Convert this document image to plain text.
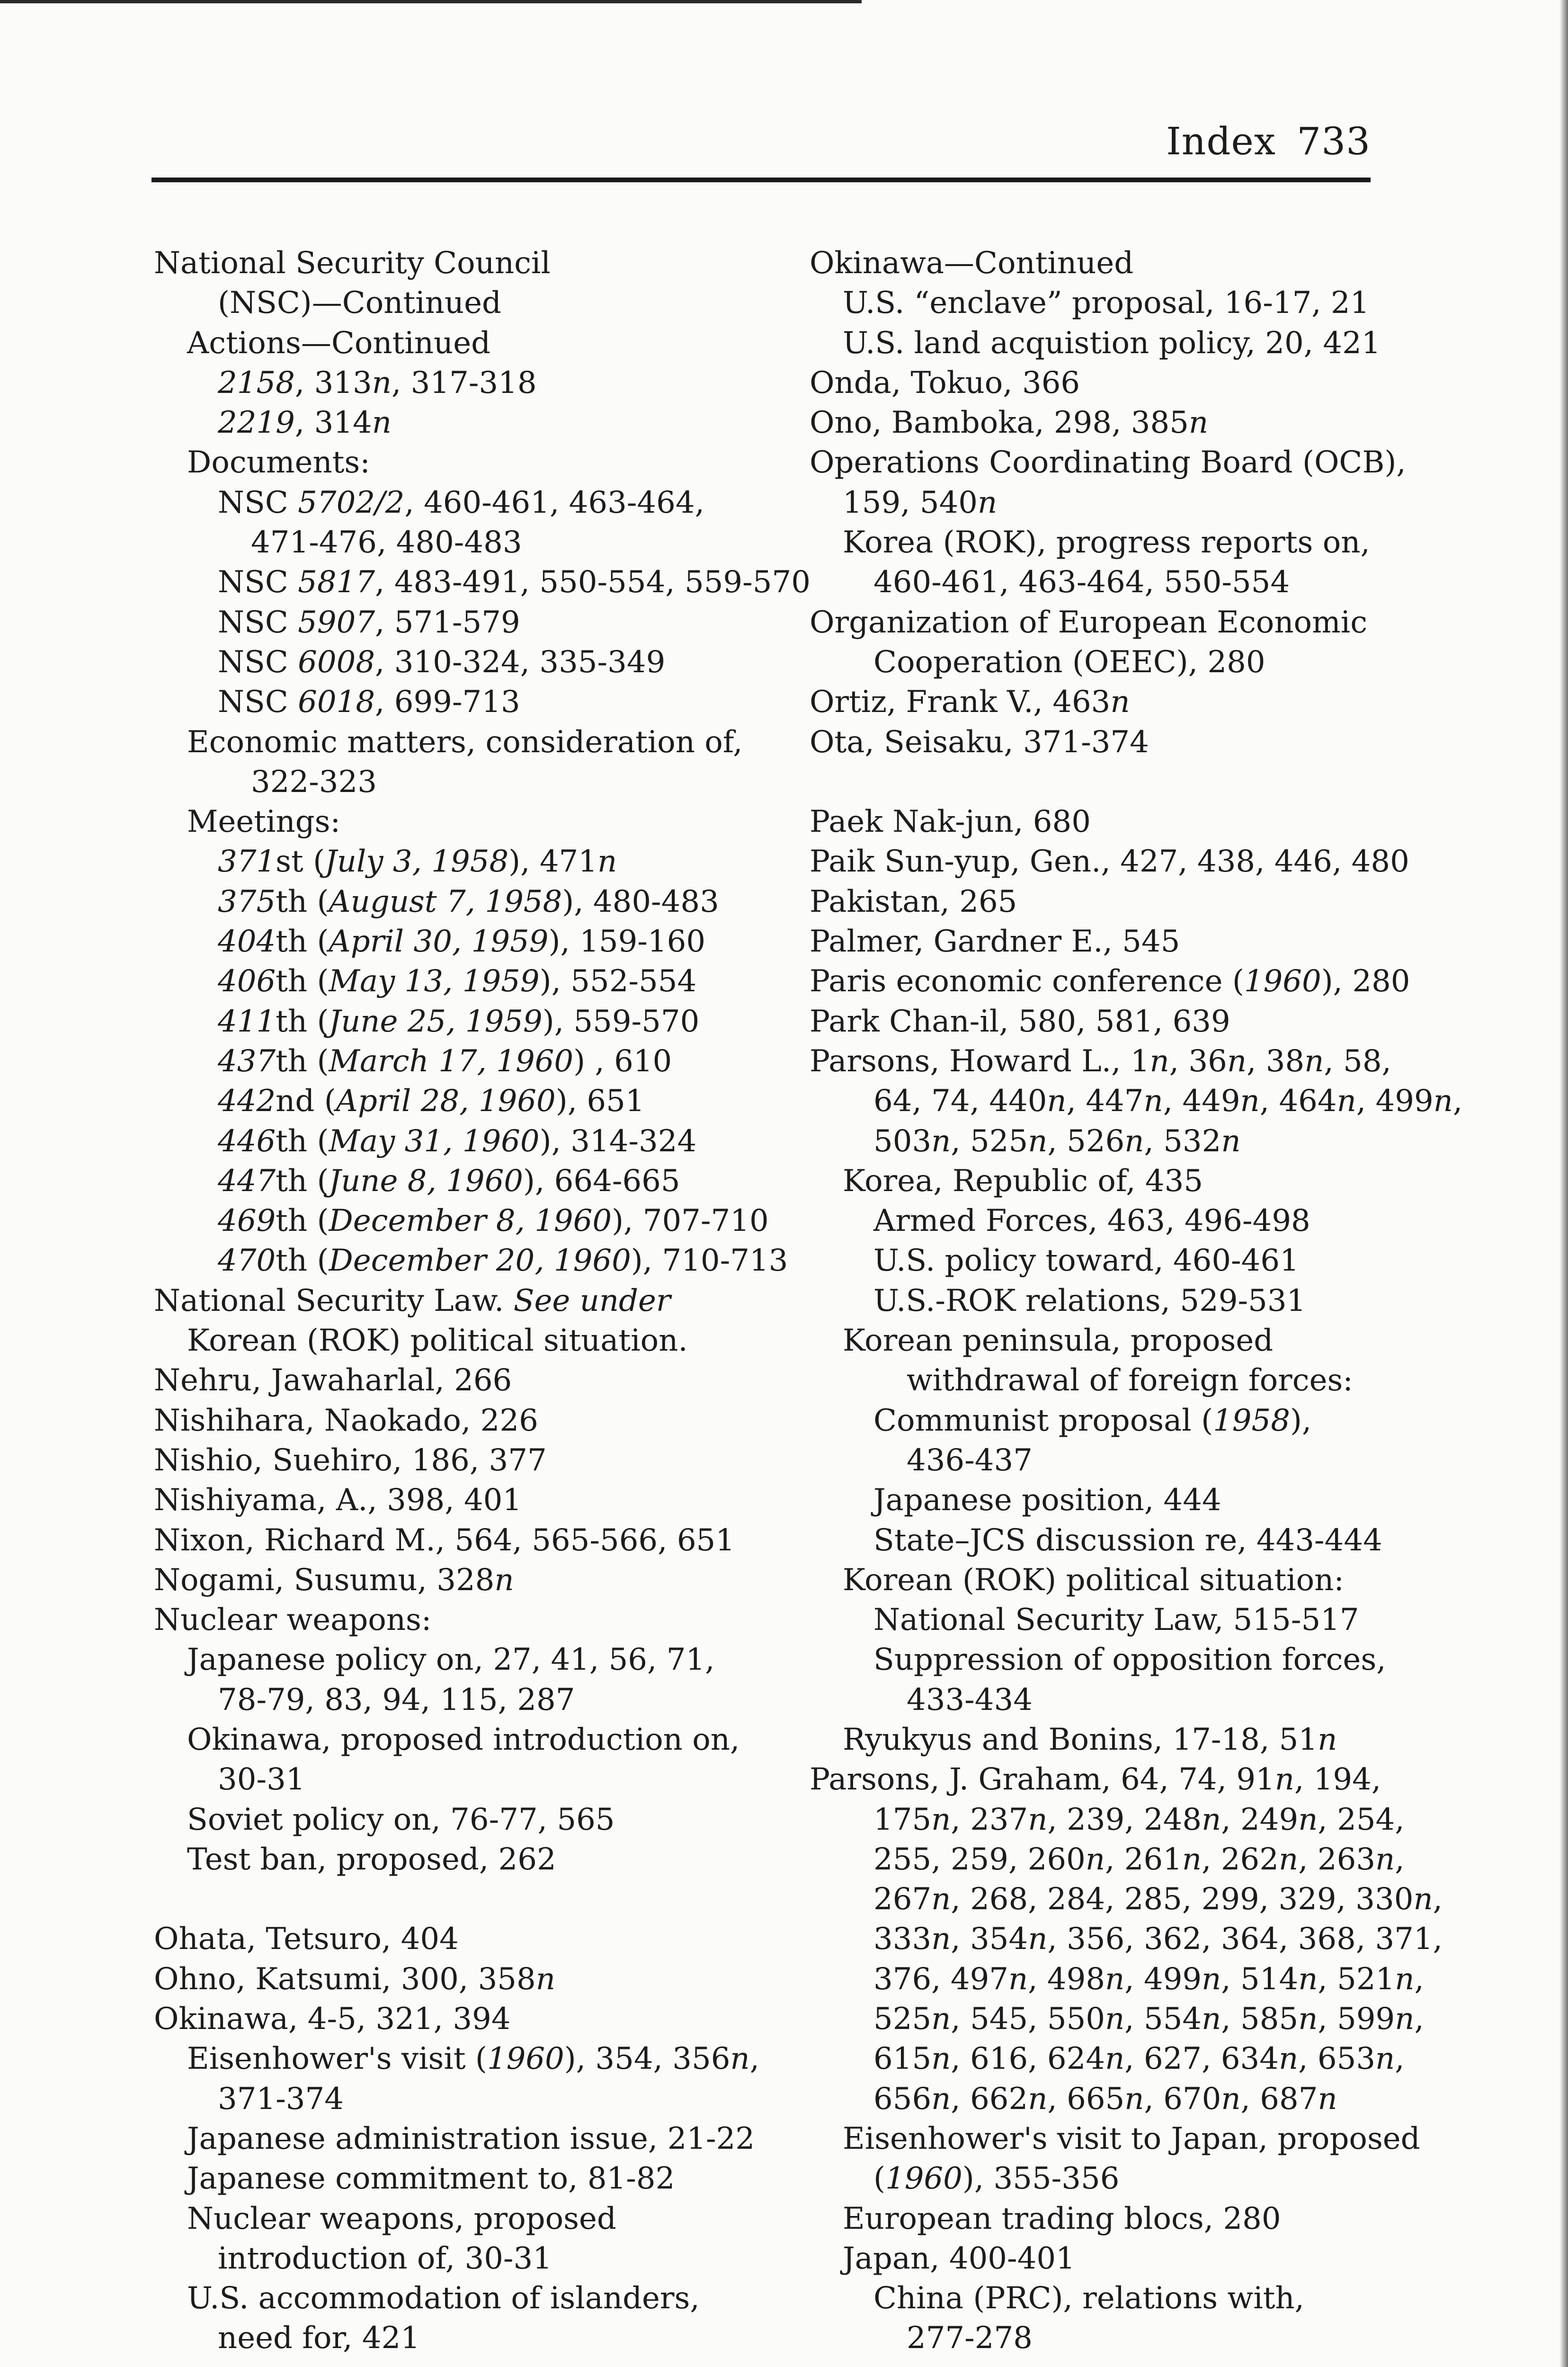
Index 733
National Security Council
(NSC)—Continued
Actions—Continued
2158, 313n, 317-318
2219, 314n
Documents:
NSC 5702/2, 460-461, 463-464,
471-476, 480-483
NSC 5817, 483-491, 550-554, 559-570
NSC 5907, 571-579
NSC 6008, 310-324, 335-349
NSC 6018, 699-713
Economic matters, consideration of,
322-323
Meetings:
371st (July 3, 1958), 471n
375th (August 7, 1958), 480-483
404th (April 30, 1959), 159-160
406th (May 13, 1959), 552-554
411th (June 25, 1959), 559-570
437th (March 17, 1960) , 610
442nd (April 28, 1960), 651
446th (May 31, 1960), 314-324
447th (June 8, 1960), 664-665
469th (December 8, 1960), 707-710
470th (December 20, 1960), 710-713
National Security Law. See under
Korean (ROK) political situation.
Nehru, Jawaharlal, 266
Nishihara, Naokado, 226
Nishio, Suehiro, 186, 377
Nishiyama, A., 398, 401
Nixon, Richard M., 564, 565-566, 651
Nogami, Susumu, 328n
Nuclear weapons:
Japanese policy on, 27, 41, 56, 71,
78-79, 83, 94, 115, 287
Okinawa, proposed introduction on,
30-31
Soviet policy on, 76-77, 565
Test ban, proposed, 262
Ohata, Tetsuro, 404
Ohno, Katsumi, 300, 358n
Okinawa, 4-5, 321, 394
Eisenhower's visit (1960), 354, 356n,
371-374
Japanese administration issue, 21-22
Japanese commitment to, 81-82
Nuclear weapons, proposed
introduction of, 30-31
U.S. accommodation of islanders,
need for, 421
Okinawa—Continued
U.S. “enclave” proposal, 16-17, 21
U.S. land acquistion policy, 20, 421
Onda, Tokuo, 366
Ono, Bamboka, 298, 385n
Operations Coordinating Board (OCB),
159, 540n
Korea (ROK), progress reports on,
460-461, 463-464, 550-554
Organization of European Economic
Cooperation (OEEC), 280
Ortiz, Frank V., 463n
Ota, Seisaku, 371-374
Paek Nak-jun, 680
Paik Sun-yup, Gen., 427, 438, 446, 480
Pakistan, 265
Palmer, Gardner E., 545
Paris economic conference (1960), 280
Park Chan-il, 580, 581, 639
Parsons, Howard L., 1n, 36n, 38n, 58,
64, 74, 440n, 447n, 449n, 464n, 499n,
503n, 525n, 526n, 532n
Korea, Republic of, 435
Armed Forces, 463, 496-498
U.S. policy toward, 460-461
U.S.-ROK relations, 529-531
Korean peninsula, proposed
withdrawal of foreign forces:
Communist proposal (1958),
436-437
Japanese position, 444
State–JCS discussion re, 443-444
Korean (ROK) political situation:
National Security Law, 515-517
Suppression of opposition forces,
433-434
Ryukyus and Bonins, 17-18, 51n
Parsons, J. Graham, 64, 74, 91n, 194,
175n, 237n, 239, 248n, 249n, 254,
255, 259, 260n, 261n, 262n, 263n,
267n, 268, 284, 285, 299, 329, 330n,
333n, 354n, 356, 362, 364, 368, 371,
376, 497n, 498n, 499n, 514n, 521n,
525n, 545, 550n, 554n, 585n, 599n,
615n, 616, 624n, 627, 634n, 653n,
656n, 662n, 665n, 670n, 687n
Eisenhower's visit to Japan, proposed
(1960), 355-356
European trading blocs, 280
Japan, 400-401
China (PRC), relations with,
277-278
